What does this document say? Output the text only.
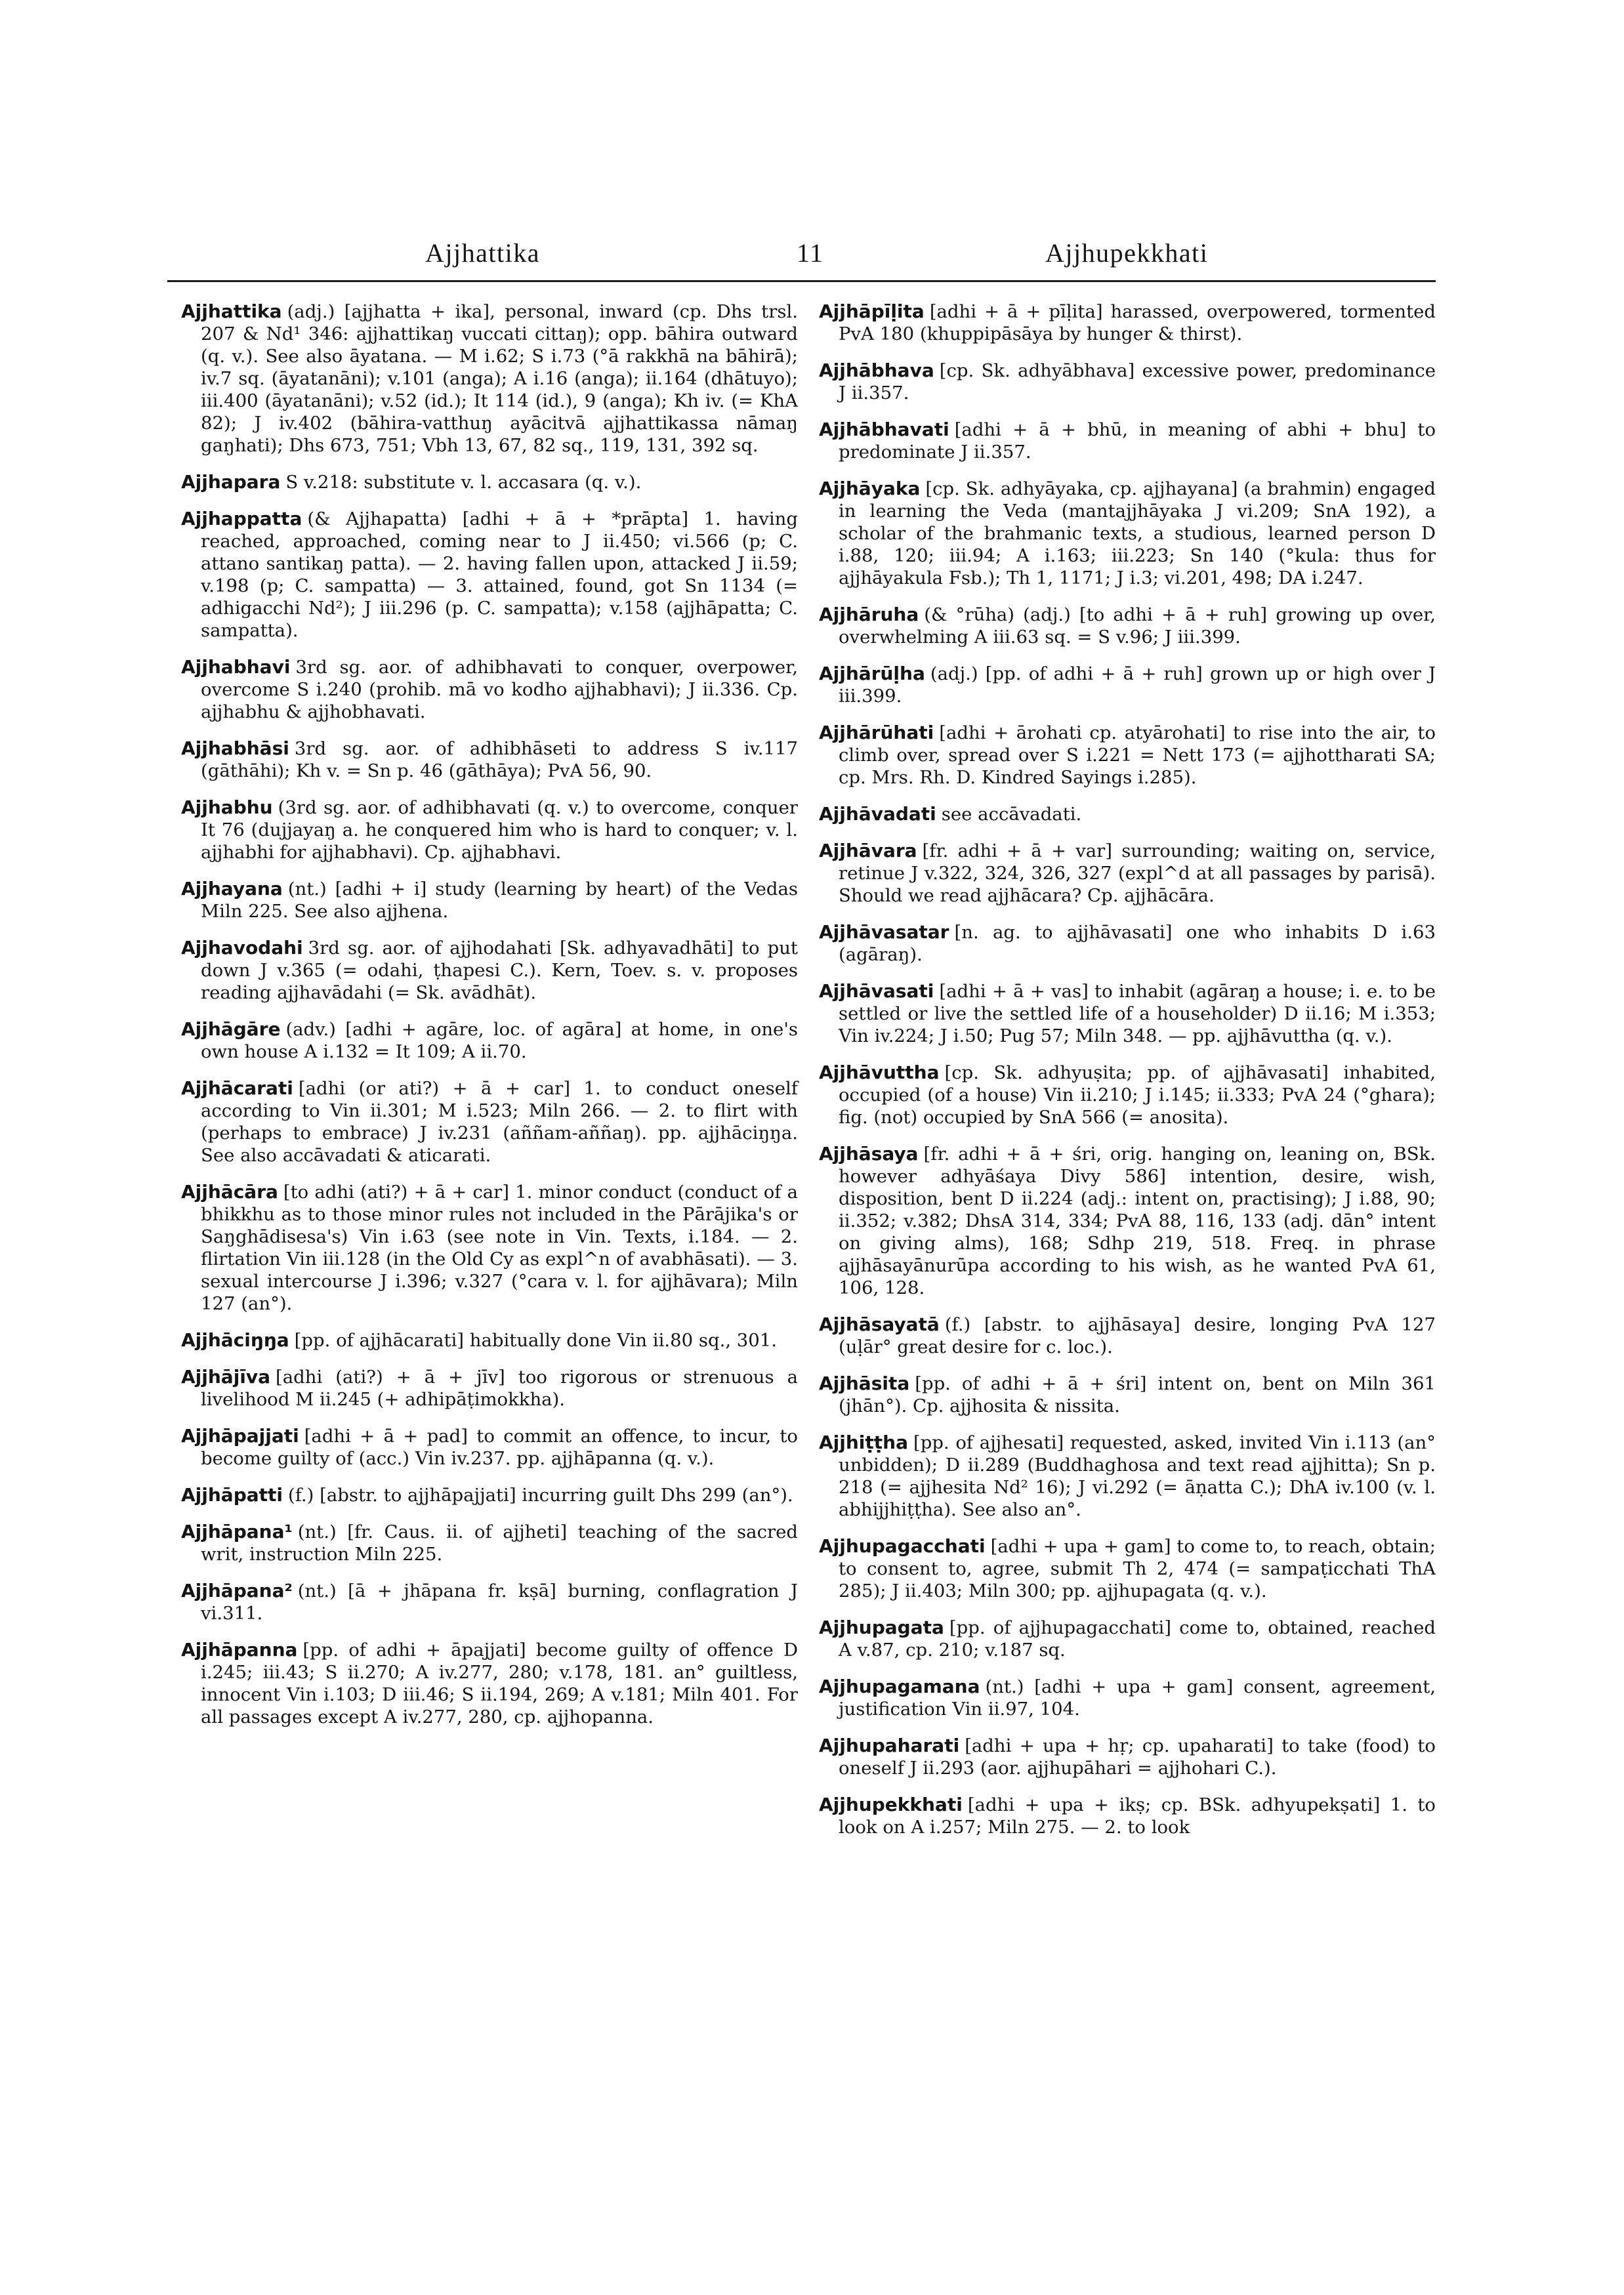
Ajjhattika	11	Ajjhupekkhati
Ajjhattika (adj.) [ajjhatta + ika], personal, inward (cp. Dhs trsl. 207 & Nd¹ 346: ajjhattikaŋ vuccati cittaŋ); opp. bāhira outward (q. v.). See also āyatana. — M i.62; S i.73 (°ā rakkhā na bāhirā); iv.7 sq. (āyatanāni); v.101 (anga); A i.16 (anga); ii.164 (dhātuyo); iii.400 (āyatanāni); v.52 (id.); It 114 (id.), 9 (anga); Kh iv. (= KhA 82); J iv.402 (bāhira-vatthuŋ ayācitvā ajjhattikassa nāmaŋ gaŋhati); Dhs 673, 751; Vbh 13, 67, 82 sq., 119, 131, 392 sq.
Ajjhapara S v.218: substitute v. l. accasara (q. v.).
Ajjhappatta (& Ajjhapatta) [adhi + ā + *prāpta] 1. having reached, approached, coming near to J ii.450; vi.566 (p; C. attano santikaŋ patta). — 2. having fallen upon, attacked J ii.59; v.198 (p; C. sampatta) — 3. attained, found, got Sn 1134 (= adhigacchi Nd²); J iii.296 (p. C. sampatta); v.158 (ajjhāpatta; C. sampatta).
Ajjhabhavi 3rd sg. aor. of adhibhavati to conquer, overpower, overcome S i.240 (prohib. mā vo kodho ajjhabhavi); J ii.336. Cp. ajjhabhu & ajjhobhavati.
Ajjhabhāsi 3rd sg. aor. of adhibhāseti to address S iv.117 (gāthāhi); Kh v. = Sn p. 46 (gāthāya); PvA 56, 90.
Ajjhabhu (3rd sg. aor. of adhibhavati (q. v.) to overcome, conquer It 76 (dujjayaŋ a. he conquered him who is hard to conquer; v. l. ajjhabhi for ajjhabhavi). Cp. ajjhabhavi.
Ajjhayana (nt.) [adhi + i] study (learning by heart) of the Vedas Miln 225. See also ajjhena.
Ajjhavodahi 3rd sg. aor. of ajjhodahati [Sk. adhyavadhāti] to put down J v.365 (= odahi, ṭhapesi C.). Kern, Toev. s. v. proposes reading ajjhavādahi (= Sk. avādhāt).
Ajjhāgāre (adv.) [adhi + agāre, loc. of agāra] at home, in one's own house A i.132 = It 109; A ii.70.
Ajjhācarati [adhi (or ati?) + ā + car] 1. to conduct oneself according to Vin ii.301; M i.523; Miln 266. — 2. to flirt with (perhaps to embrace) J iv.231 (aññam-aññaŋ). pp. ajjhāciŋŋa. See also accāvadati & aticarati.
Ajjhācāra [to adhi (ati?) + ā + car] 1. minor conduct (conduct of a bhikkhu as to those minor rules not included in the Pārājika's or Saŋghādisesa's) Vin i.63 (see note in Vin. Texts, i.184. — 2. flirtation Vin iii.128 (in the Old Cy as expl^n of avabhāsati). — 3. sexual intercourse J i.396; v.327 (°cara v. l. for ajjhāvara); Miln 127 (an°).
Ajjhāciŋŋa [pp. of ajjhācarati] habitually done Vin ii.80 sq., 301.
Ajjhājīva [adhi (ati?) + ā + jīv] too rigorous or strenuous a livelihood M ii.245 (+ adhipāṭimokkha).
Ajjhāpajjati [adhi + ā + pad] to commit an offence, to incur, to become guilty of (acc.) Vin iv.237. pp. ajjhāpanna (q. v.).
Ajjhāpatti (f.) [abstr. to ajjhāpajjati] incurring guilt Dhs 299 (an°).
Ajjhāpana¹ (nt.) [fr. Caus. ii. of ajjheti] teaching of the sacred writ, instruction Miln 225.
Ajjhāpana² (nt.) [ā + jhāpana fr. kṣā] burning, conflagration J vi.311.
Ajjhāpanna [pp. of adhi + āpajjati] become guilty of offence D i.245; iii.43; S ii.270; A iv.277, 280; v.178, 181. an° guiltless, innocent Vin i.103; D iii.46; S ii.194, 269; A v.181; Miln 401. For all passages except A iv.277, 280, cp. ajjhopanna.
Ajjhāpīḷita [adhi + ā + pīḷita] harassed, overpowered, tormented PvA 180 (khuppipāsāya by hunger & thirst).
Ajjhābhava [cp. Sk. adhyābhava] excessive power, predominance J ii.357.
Ajjhābhavati [adhi + ā + bhū, in meaning of abhi + bhu] to predominate J ii.357.
Ajjhāyaka [cp. Sk. adhyāyaka, cp. ajjhayana] (a brahmin) engaged in learning the Veda (mantajjhāyaka J vi.209; SnA 192), a scholar of the brahmanic texts, a studious, learned person D i.88, 120; iii.94; A i.163; iii.223; Sn 140 (°kula: thus for ajjhāyakula Fsb.); Th 1, 1171; J i.3; vi.201, 498; DA i.247.
Ajjhāruha (& °rūha) (adj.) [to adhi + ā + ruh] growing up over, overwhelming A iii.63 sq. = S v.96; J iii.399.
Ajjhārūḷha (adj.) [pp. of adhi + ā + ruh] grown up or high over J iii.399.
Ajjhārūhati [adhi + ārohati cp. atyārohati] to rise into the air, to climb over, spread over S i.221 = Nett 173 (= ajjhottharati SA; cp. Mrs. Rh. D. Kindred Sayings i.285).
Ajjhāvadati see accāvadati.
Ajjhāvara [fr. adhi + ā + var] surrounding; waiting on, service, retinue J v.322, 324, 326, 327 (expl^d at all passages by parisā). Should we read ajjhācara? Cp. ajjhācāra.
Ajjhāvasatar [n. ag. to ajjhāvasati] one who inhabits D i.63 (agāraŋ).
Ajjhāvasati [adhi + ā + vas] to inhabit (agāraŋ a house; i. e. to be settled or live the settled life of a householder) D ii.16; M i.353; Vin iv.224; J i.50; Pug 57; Miln 348. — pp. ajjhāvuttha (q. v.).
Ajjhāvuttha [cp. Sk. adhyuṣita; pp. of ajjhāvasati] inhabited, occupied (of a house) Vin ii.210; J i.145; ii.333; PvA 24 (°ghara); fig. (not) occupied by SnA 566 (= anosita).
Ajjhāsaya [fr. adhi + ā + śri, orig. hanging on, leaning on, BSk. however adhyāśaya Divy 586] intention, desire, wish, disposition, bent D ii.224 (adj.: intent on, practising); J i.88, 90; ii.352; v.382; DhsA 314, 334; PvA 88, 116, 133 (adj. dān° intent on giving alms), 168; Sdhp 219, 518. Freq. in phrase ajjhāsayānurūpa according to his wish, as he wanted PvA 61, 106, 128.
Ajjhāsayatā (f.) [abstr. to ajjhāsaya] desire, longing PvA 127 (uḷār° great desire for c. loc.).
Ajjhāsita [pp. of adhi + ā + śri] intent on, bent on Miln 361 (jhān°). Cp. ajjhosita & nissita.
Ajjhiṭṭha [pp. of ajjhesati] requested, asked, invited Vin i.113 (an° unbidden); D ii.289 (Buddhaghosa and text read ajjhitta); Sn p. 218 (= ajjhesita Nd² 16); J vi.292 (= āṇatta C.); DhA iv.100 (v. l. abhijjhiṭṭha). See also an°.
Ajjhupagacchati [adhi + upa + gam] to come to, to reach, obtain; to consent to, agree, submit Th 2, 474 (= sampaṭicchati ThA 285); J ii.403; Miln 300; pp. ajjhupagata (q. v.).
Ajjhupagata [pp. of ajjhupagacchati] come to, obtained, reached A v.87, cp. 210; v.187 sq.
Ajjhupagamana (nt.) [adhi + upa + gam] consent, agreement, justification Vin ii.97, 104.
Ajjhupaharati [adhi + upa + hṛ; cp. upaharati] to take (food) to oneself J ii.293 (aor. ajjhupāhari = ajjhohari C.).
Ajjhupekkhati [adhi + upa + ikṣ; cp. BSk. adhyupekṣati] 1. to look on A i.257; Miln 275. — 2. to look
